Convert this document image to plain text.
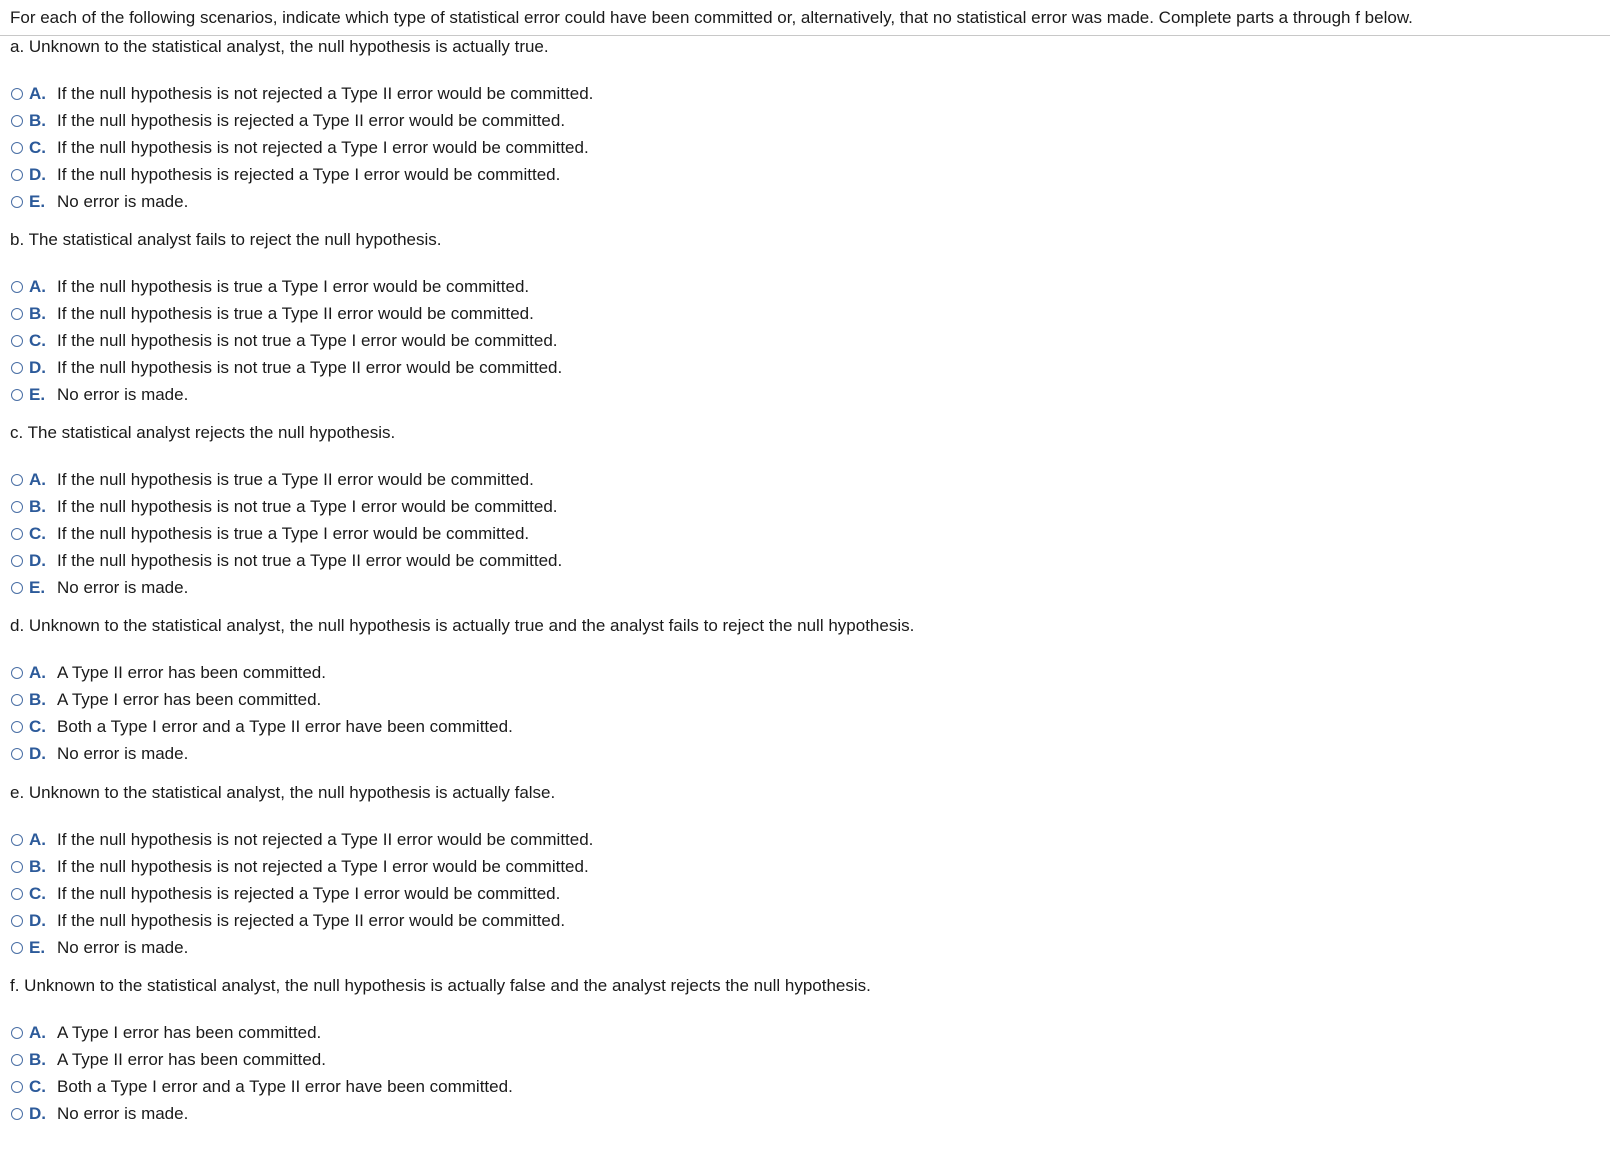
For each of the following scenarios, indicate which type of statistical error could have been committed or, alternatively, that no statistical error was made. Complete parts a through f below.
a. Unknown to the statistical analyst, the null hypothesis is actually true.
A. If the null hypothesis is not rejected a Type II error would be committed.
B. If the null hypothesis is rejected a Type II error would be committed.
C. If the null hypothesis is not rejected a Type I error would be committed.
D. If the null hypothesis is rejected a Type I error would be committed.
E. No error is made.
b. The statistical analyst fails to reject the null hypothesis.
A. If the null hypothesis is true a Type I error would be committed.
B. If the null hypothesis is true a Type II error would be committed.
C. If the null hypothesis is not true a Type I error would be committed.
D. If the null hypothesis is not true a Type II error would be committed.
E. No error is made.
c. The statistical analyst rejects the null hypothesis.
A. If the null hypothesis is true a Type II error would be committed.
B. If the null hypothesis is not true a Type I error would be committed.
C. If the null hypothesis is true a Type I error would be committed.
D. If the null hypothesis is not true a Type II error would be committed.
E. No error is made.
d. Unknown to the statistical analyst, the null hypothesis is actually true and the analyst fails to reject the null hypothesis.
A. A Type II error has been committed.
B. A Type I error has been committed.
C. Both a Type I error and a Type II error have been committed.
D. No error is made.
e. Unknown to the statistical analyst, the null hypothesis is actually false.
A. If the null hypothesis is not rejected a Type II error would be committed.
B. If the null hypothesis is not rejected a Type I error would be committed.
C. If the null hypothesis is rejected a Type I error would be committed.
D. If the null hypothesis is rejected a Type II error would be committed.
E. No error is made.
f. Unknown to the statistical analyst, the null hypothesis is actually false and the analyst rejects the null hypothesis.
A. A Type I error has been committed.
B. A Type II error has been committed.
C. Both a Type I error and a Type II error have been committed.
D. No error is made.
